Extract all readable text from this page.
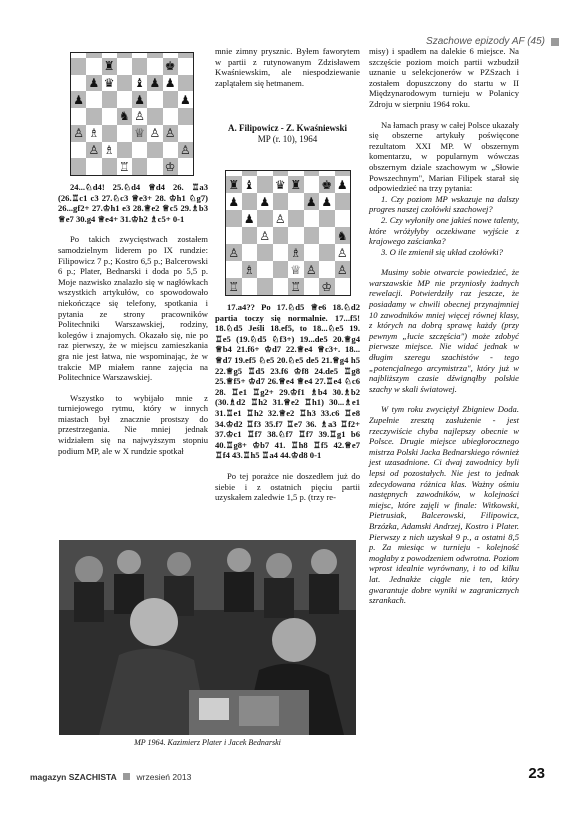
Szachowe epizody AF (45)
♜	♚
♟ ♛ ♝ ♟ ♟
♟	♟	♟
♞ ♙
♙ ♗	♕ ♙ ♙
♙ ♗	♙
♖	♔

24...♘d4! 25.♘d4 ♕d4 26. ♖a3 (26.♖c1 c3 27.♘c3 ♕e3+ 28. ♔h1 ♘g7) 26...gf2+ 27.♔h1 e3 28.♕e2 ♕c5 29.♗b3 ♕e7 30.g4 ♕e4+ 31.♔h2 ♗c5+ 0-1

Po takich zwycięstwach zostałem samodzielnym liderem po IX rundzie: Filipowicz 7 p.; Kostro 6,5 p.; Balcerowski 6 p.; Plater, Bednarski i doda po 5,5 p. Moje nazwisko znalazło się w nagłówkach wszystkich artykułów, co spowodowało niekończące się telefony, spotkania i pytania ze strony pracowników Politechniki Warszawskiej, rodziny, kolegów i znajomych. Okazało się, nie po raz pierwszy, że w miejscu zamieszkania gra nie jest łatwa, nie wspominając, że w trakcie MP miałem ranne zajęcia na Politechnice Warszawskiej.

Wszystko to wybijało mnie z turniejowego rytmu, który w innych miastach był znacznie prostszy do przestrzegania. Nie mniej jednak widziałem się na najwyższym stopniu podium MP, ale w X rundzie spotkał

mnie zimny prysznic. Byłem faworytem w partii z rutynowanym Zdzisławem Kwaśniewskim, ale niespodziewanie zaplątałem się hetmanem.

A. Filipowicz - Z. Kwaśniewski
MP (r. 10), 1964
♜ ♝ ♛ ♜ ♚ ♟
♟ ♟	♟ ♟
♟ ♙
♙	♞
♙	♗	♙
♗	♕ ♙ ♙
♖	♖ ♔

17.a4?? Po 17.♘d5 ♕e6 18.♘d2 partia toczy się normalnie. 17...f5! 18.♘d5 Jeśli 18.ef5, to 18...♘e5 19. ♖e5 (19.♘d5 ♘f3+) 19...de5 20.♕g4 ♕b4 21.f6+ ♔d7 22.♕e4 ♕c3+. 18... ♕d7 19.ef5 ♘e5 20.♘e5 de5 21.♕g4 h5 22.♕g5 ♖d5 23.f6 ♔f8 24.de5 ♖g8 25.♕f5+ ♔d7 26.♕e4 ♕e4 27.♖e4 ♘c6 28. ♖e1 ♖g2+ 29.♔f1 ♗b4 30.♗b2 (30.♗d2 ♖h2 31.♕e2 ♖h1) 30...♗e1 31.♖e1 ♖h2 32.♕e2 ♖h3 33.c6 ♖e8 34.♔d2 ♖f3 35.f7 ♖e7 36. ♗a3 ♖f2+ 37.♔c1 ♖f7 38.♘f7 ♖f7 39.♖g1 b6 40.♖g8+ ♔b7 41. ♖h8 ♖f5 42.♕e7 ♖f4 43.♖h5 ♖a4 44.♔d8 0-1

Po tej porażce nie doszedłem już do siebie i z ostatnich pięciu partii uzyskałem zaledwie 1,5 p. (trzy re-

misy) i spadłem na dalekie 6 miejsce. Na szczęście poziom moich partii wzbudził uznanie u selekcjonerów w PZSzach i zostałem dopuszczony do startu w II Międzynarodowym turnieju w Polanicy Zdroju w sierpniu 1964 roku.

Na łamach prasy w całej Polsce ukazały się obszerne artykuły poświęcone rezultatom XXI MP. W obszernym komentarzu, w popularnym wówczas obszernym dziale szachowym w „Słowie Powszechnym", Marian Filipek starał się odpowiedzieć na trzy pytania:

1. Czy poziom MP wskazuje na dalszy progres naszej czołówki szachowej?

2. Czy wyłoniły one jakieś nowe talenty, które wróżyłyby oczekiwane wyjście z krajowego zaścianka?

3. O ile zmienił się układ czołówki?

Musimy sobie otwarcie powiedzieć, że warszawskie MP nie przyniosły żadnych rewelacji. Potwierdziły raz jeszcze, że posiadamy w chwili obecnej przynajmniej 10 zawodników mniej więcej równej klasy, z których na dobrą sprawę każdy (przy pewnym „łucie szczęścia") może zdobyć pierwsze miejsce. Nie widać jednak w długim szeregu szachistów - tego „potencjalnego arcymistrza", który już w najbliższym czasie dźwignąłby polskie szachy w skali światowej.

W tym roku zwyciężył Zbigniew Doda. Zupełnie zresztą zasłużenie - jest rzeczywiście chyba najlepszy obecnie w Polsce. Drugie miejsce ubiegłorocznego mistrza Polski Jacka Bednarskiego również jest uzasadnione. Ci dwaj zawodnicy byli lepsi od pozostałych. Nie jest to jednak zdecydowana różnica klas. Ważny ośmiu następnych zawodników, w kolejności miejsc, które zajęli w finale: Witkowski, Pietrusiak, Balcerowski, Filipowicz, Brzózka, Adamski Andrzej, Kostro i Plater. Pierwszy z nich uzyskał 9 p., a ostatni 8,5 p. Za miesiąc w turnieju - kolejność mogłaby z powodzeniem odwrotna. Poziom wprost idealnie wyrównany, i to od kilku lat. Jednakże ciągle nie ten, który gwarantuje dobre wyniki w zagranicznych szrankach.

MP 1964. Kazimierz Plater i Jacek Bednarski
magazyn SZACHISTA wrzesień 2013	23
